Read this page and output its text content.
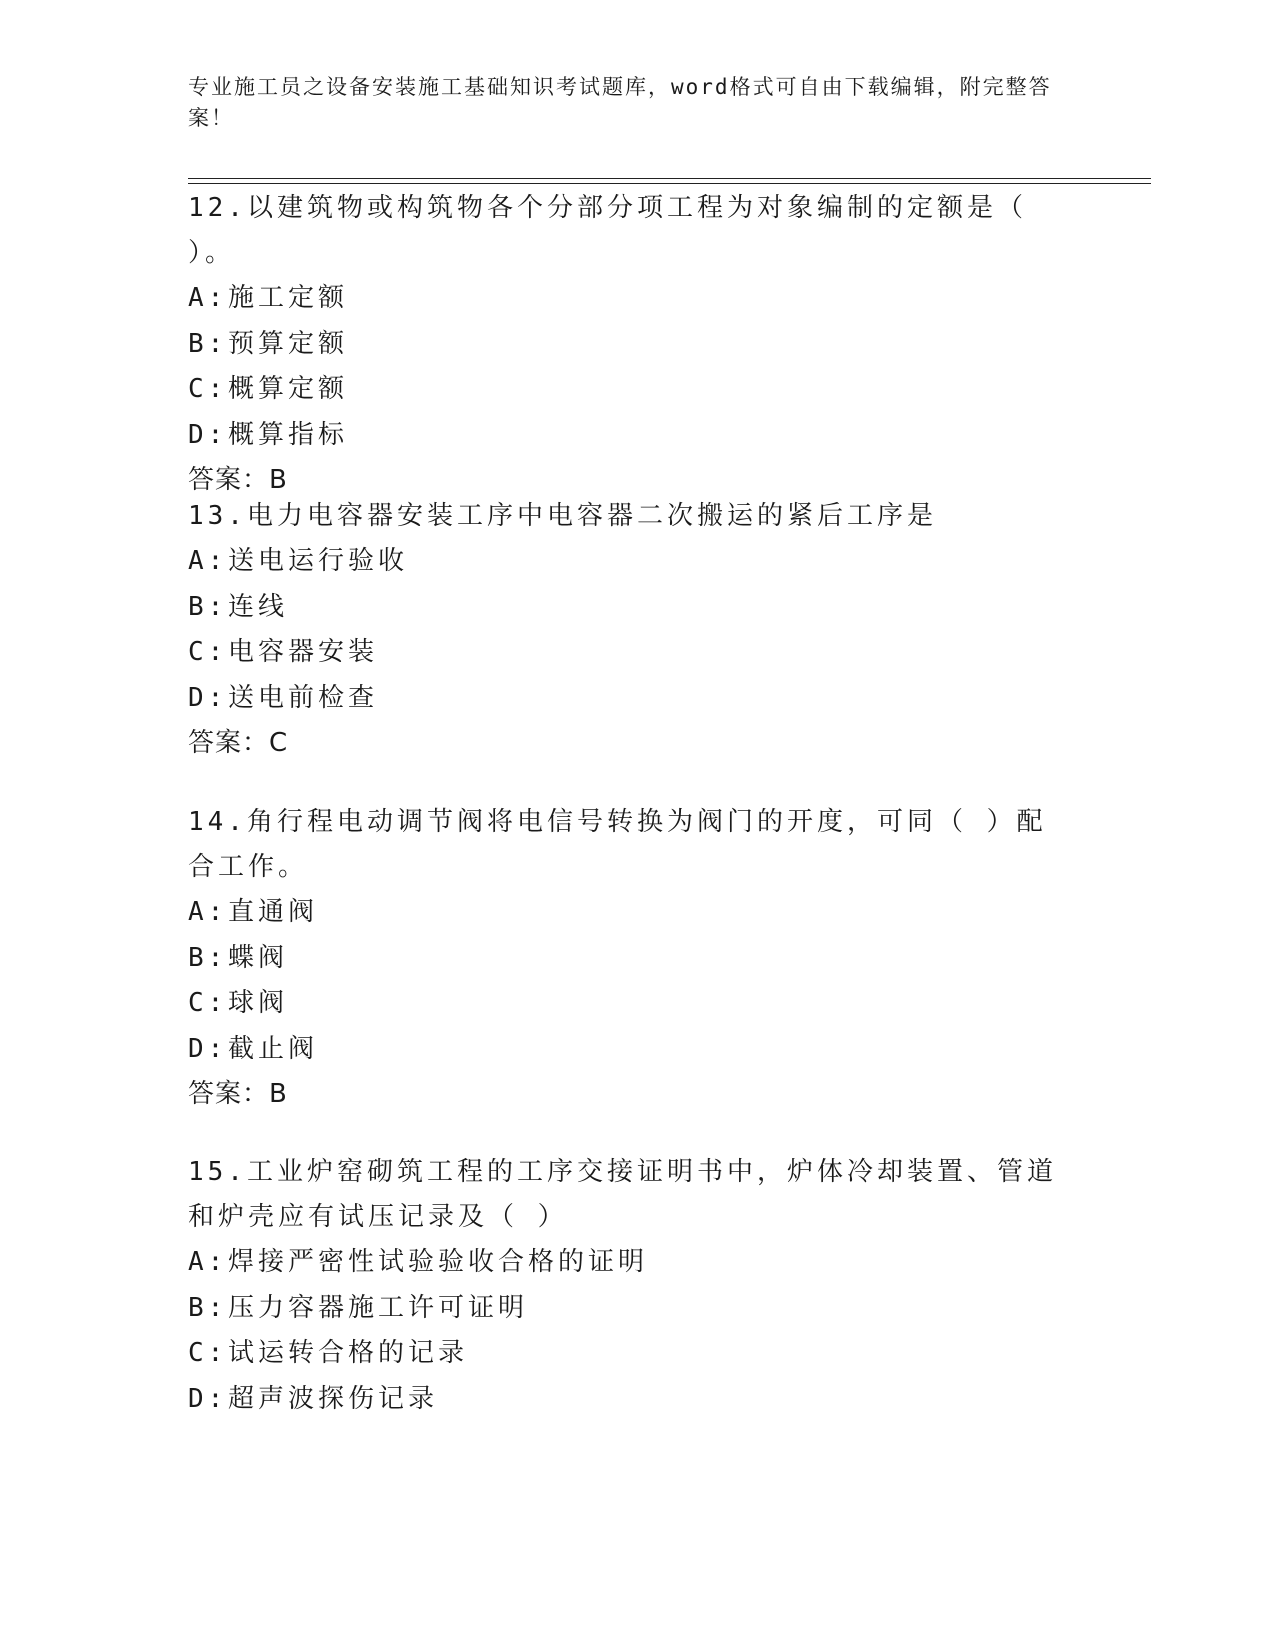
专业施工员之设备安装施工基础知识考试题库，word格式可自由下载编辑，附完整答案！

12.以建筑物或构筑物各个分部分项工程为对象编制的定额是（ ）。

A:施工定额
B:预算定额
C:概算定额
D:概算指标
答案：B

13.电力电容器安装工序中电容器二次搬运的紧后工序是

A:送电运行验收
B:连线
C:电容器安装
D:送电前检查
答案：C

14.角行程电动调节阀将电信号转换为阀门的开度，可同（ ）配合工作。

A:直通阀
B:蝶阀
C:球阀
D:截止阀
答案：B

15.工业炉窑砌筑工程的工序交接证明书中，炉体冷却装置、管道和炉壳应有试压记录及（ ）

A:焊接严密性试验验收合格的证明
B:压力容器施工许可证明
C:试运转合格的记录
D:超声波探伤记录
